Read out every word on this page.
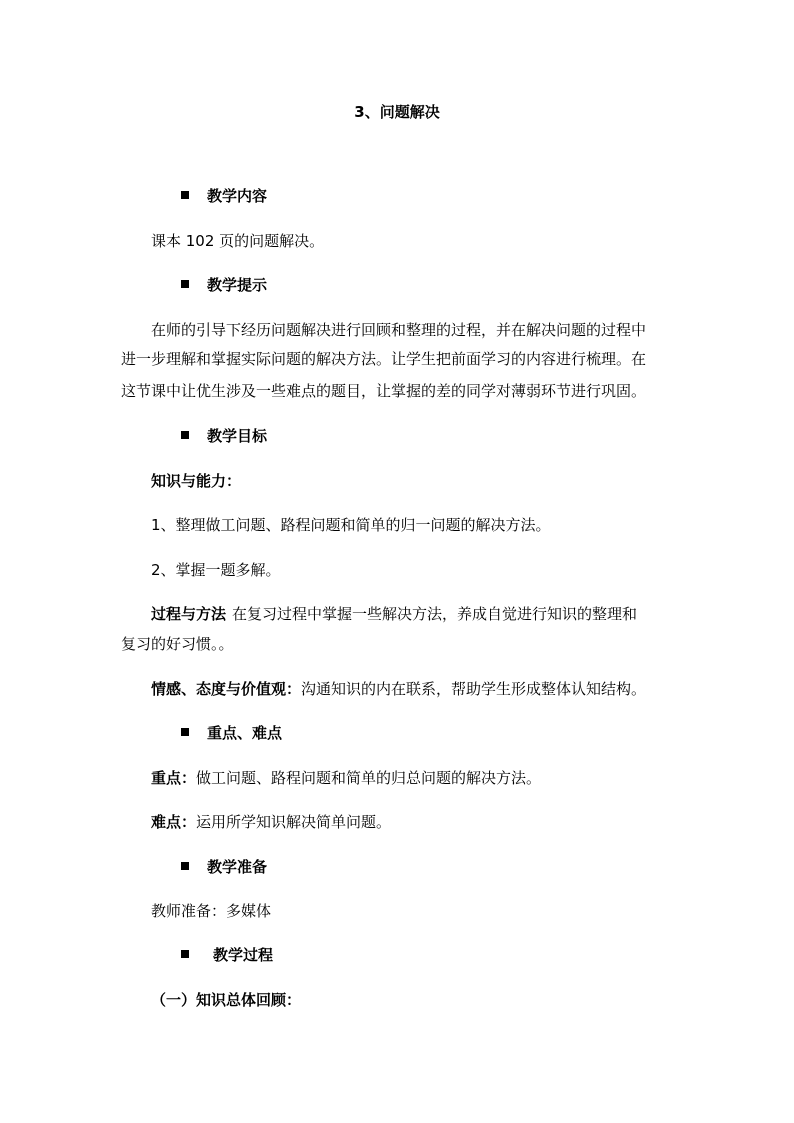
3、问题解决
教学内容
课本 102 页的问题解决。
教学提示
在师的引导下经历问题解决进行回顾和整理的过程，并在解决问题的过程中
进一步理解和掌握实际问题的解决方法。让学生把前面学习的内容进行梳理。在
这节课中让优生涉及一些难点的题目，让掌握的差的同学对薄弱环节进行巩固。
教学目标
知识与能力：
1、整理做工问题、路程问题和简单的归一问题的解决方法。
2、掌握一题多解。
过程与方法 在复习过程中掌握一些解决方法，养成自觉进行知识的整理和
复习的好习惯。。
情感、态度与价值观：沟通知识的内在联系，帮助学生形成整体认知结构。
重点、难点
重点：做工问题、路程问题和简单的归总问题的解决方法。
难点：运用所学知识解决简单问题。
教学准备
教师准备：多媒体
教学过程
（一）知识总体回顾：
